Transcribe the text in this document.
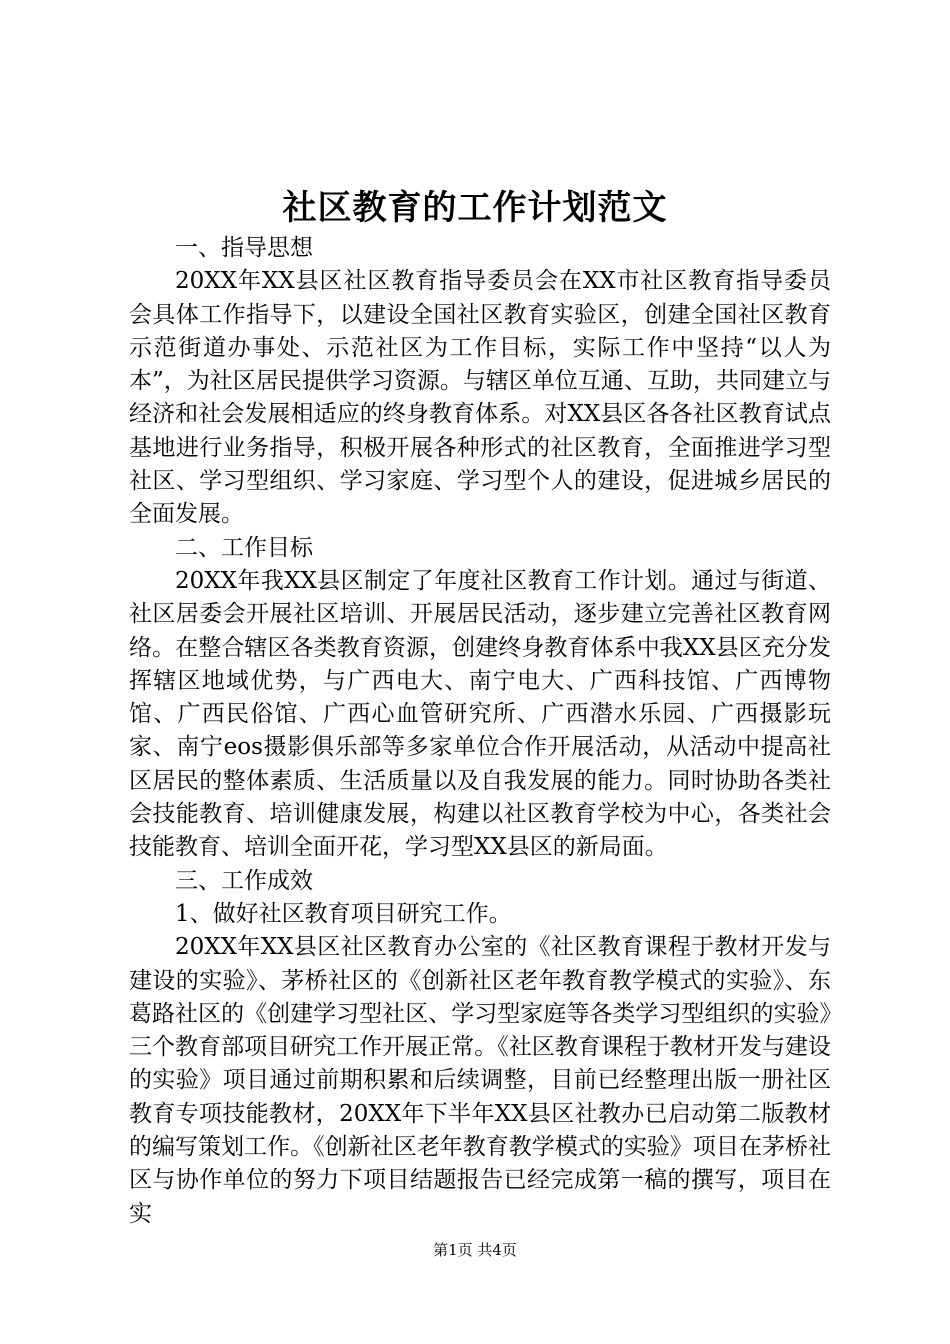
社区教育的工作计划范文

一、指导思想

20XX年XX县区社区教育指导委员会在XX市社区教育指导委员会具体工作指导下，以建设全国社区教育实验区，创建全国社区教育示范街道办事处、示范社区为工作目标，实际工作中坚持“以人为本”，为社区居民提供学习资源。与辖区单位互通、互助，共同建立与经济和社会发展相适应的终身教育体系。对XX县区各各社区教育试点基地进行业务指导，积极开展各种形式的社区教育，全面推进学习型社区、学习型组织、学习家庭、学习型个人的建设，促进城乡居民的全面发展。

二、工作目标

20XX年我XX县区制定了年度社区教育工作计划。通过与街道、社区居委会开展社区培训、开展居民活动，逐步建立完善社区教育网络。在整合辖区各类教育资源，创建终身教育体系中我XX县区充分发挥辖区地域优势，与广西电大、南宁电大、广西科技馆、广西博物馆、广西民俗馆、广西心血管研究所、广西潜水乐园、广西摄影玩家、南宁eos摄影俱乐部等多家单位合作开展活动，从活动中提高社区居民的整体素质、生活质量以及自我发展的能力。同时协助各类社会技能教育、培训健康发展，构建以社区教育学校为中心，各类社会技能教育、培训全面开花，学习型XX县区的新局面。

三、工作成效

1、做好社区教育项目研究工作。

20XX年XX县区社区教育办公室的《社区教育课程于教材开发与建设的实验》、茅桥社区的《创新社区老年教育教学模式的实验》、东葛路社区的《创建学习型社区、学习型家庭等各类学习型组织的实验》三个教育部项目研究工作开展正常。《社区教育课程于教材开发与建设的实验》项目通过前期积累和后续调整，目前已经整理出版一册社区教育专项技能教材，20XX年下半年XX县区社教办已启动第二版教材的编写策划工作。《创新社区老年教育教学模式的实验》项目在茅桥社区与协作单位的努力下项目结题报告已经完成第一稿的撰写，项目在实

第1页 共4页
